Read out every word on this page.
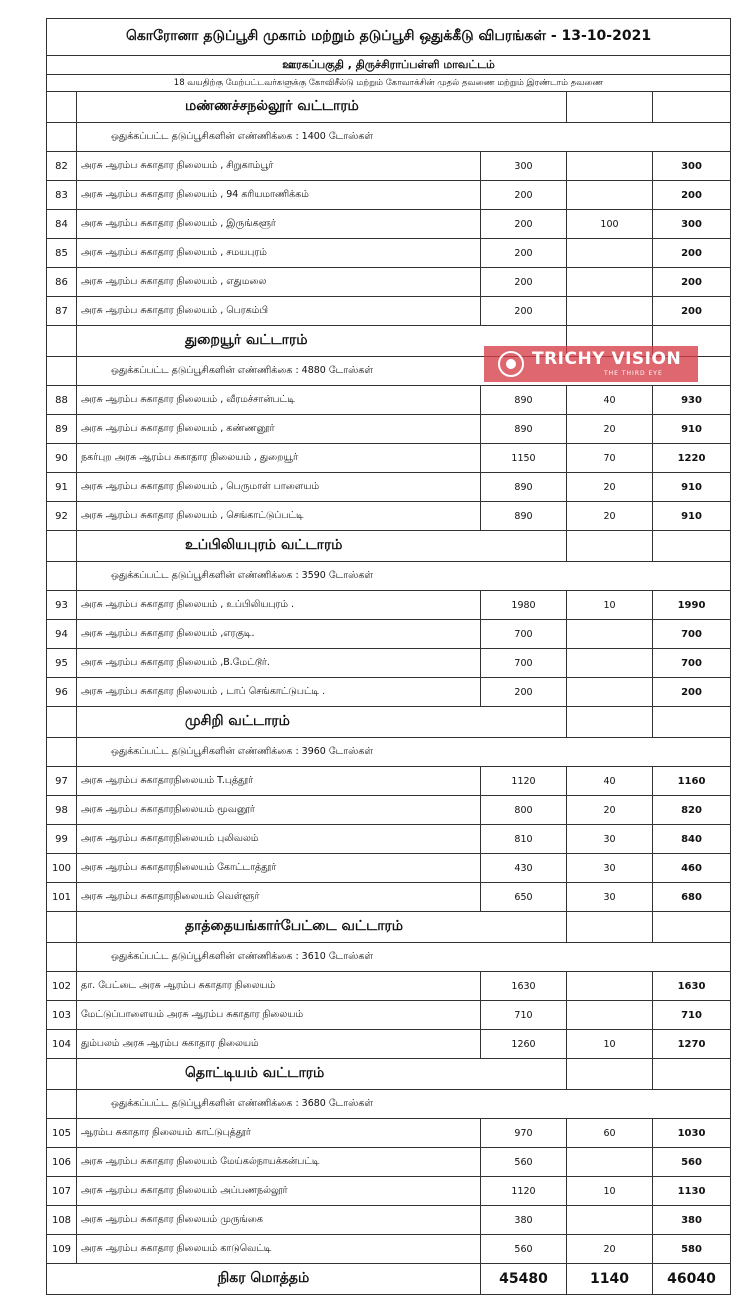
கொரோனா தடுப்பூசி முகாம் மற்றும் தடுப்பூசி ஒதுக்கீடு விபரங்கள் - 13-10-2021				
ஊரகப்பகுதி , திருச்சிராப்பள்ளி மாவட்டம்				
18 வயதிற்கு மேற்பட்டவர்களுக்கு கோவிசீல்டு மற்றும் கோவாக்சின் முதல் தவணை மற்றும் இரண்டாம் தவணை				
	மண்ணச்சநல்லூர் வட்டாரம்			
	ஒதுக்கப்பட்ட தடுப்பூசிகளின் எண்ணிக்கை : 1400 டோஸ்கள்			
82	அரசு ஆரம்ப சுகாதார நிலையம் , சிறுகாம்பூர்	300		300
83	அரசு ஆரம்ப சுகாதார நிலையம் , 94 கரியமாணிக்கம்	200		200
84	அரசு ஆரம்ப சுகாதார நிலையம் , இருங்களூர்	200	100	300
85	அரசு ஆரம்ப சுகாதார நிலையம் , சமயபுரம்	200		200
86	அரசு ஆரம்ப சுகாதார நிலையம் , எதுமலை	200		200
87	அரசு ஆரம்ப சுகாதார நிலையம் , பெரகம்பி	200		200
	துறையூர் வட்டாரம்			
	ஒதுக்கப்பட்ட தடுப்பூசிகளின் எண்ணிக்கை : 4880 டோஸ்கள்			
88	அரசு ஆரம்ப சுகாதார நிலையம் , வீரமச்சான்பட்டி	890	40	930
89	அரசு ஆரம்ப சுகாதார நிலையம் , கண்ணனூர்	890	20	910
90	நகர்புற அரசு ஆரம்ப சுகாதார நிலையம் , துறையூர்	1150	70	1220
91	அரசு ஆரம்ப சுகாதார நிலையம் , பெருமாள் பாளையம்	890	20	910
92	அரசு ஆரம்ப சுகாதார நிலையம் , செங்காட்டுப்பட்டி	890	20	910
	உப்பிலியபுரம் வட்டாரம்			
	ஒதுக்கப்பட்ட தடுப்பூசிகளின் எண்ணிக்கை : 3590 டோஸ்கள்			
93	அரசு ஆரம்ப சுகாதார நிலையம் , உப்பிலியபுரம் .	1980	10	1990
94	அரசு ஆரம்ப சுகாதார நிலையம் ,எரகுடி.	700		700
95	அரசு ஆரம்ப சுகாதார நிலையம் ,B.மேட்டூர்.	700		700
96	அரசு ஆரம்ப சுகாதார நிலையம் , டாப் செங்காட்டுபட்டி .	200		200
	முசிறி வட்டாரம்			
	ஒதுக்கப்பட்ட தடுப்பூசிகளின் எண்ணிக்கை : 3960 டோஸ்கள்			
97	அரசு ஆரம்ப சுகாதாரநிலையம் T.புத்தூர்	1120	40	1160
98	அரசு ஆரம்ப சுகாதாரநிலையம் மூவனூர்	800	20	820
99	அரசு ஆரம்ப சுகாதாரநிலையம் புலிவலம்	810	30	840
100	அரசு ஆரம்ப சுகாதாரநிலையம் கோட்டாத்தூர்	430	30	460
101	அரசு ஆரம்ப சுகாதாரநிலையம் வெள்ளூர்	650	30	680
	தாத்தையங்கார்பேட்டை வட்டாரம்			
	ஒதுக்கப்பட்ட தடுப்பூசிகளின் எண்ணிக்கை : 3610 டோஸ்கள்			
102	தா. பேட்டை அரசு ஆரம்ப சுகாதார நிலையம்	1630		1630
103	மேட்டுப்பாளையம் அரசு ஆரம்ப சுகாதார நிலையம்	710		710
104	தும்பலம் அரசு ஆரம்ப சுகாதார நிலையம்	1260	10	1270
	தொட்டியம் வட்டாரம்			
	ஒதுக்கப்பட்ட தடுப்பூசிகளின் எண்ணிக்கை : 3680 டோஸ்கள்			
105	ஆரம்ப சுகாதார நிலையம் காட்டுபுத்தூர்	970	60	1030
106	அரசு ஆரம்ப சுகாதார நிலையம் மேய்கல்நாயக்கன்பட்டி	560		560
107	அரசு ஆரம்ப சுகாதார நிலையம் அப்பணநல்லூர்	1120	10	1130
108	அரசு ஆரம்ப சுகாதார நிலையம் முருங்கை	380		380
109	அரசு ஆரம்ப சுகாதார நிலையம் காடுவெட்டி	560	20	580
நிகர மொத்தம்		45480	1140	46040
TRICHY VISION
THE THIRD EYE
